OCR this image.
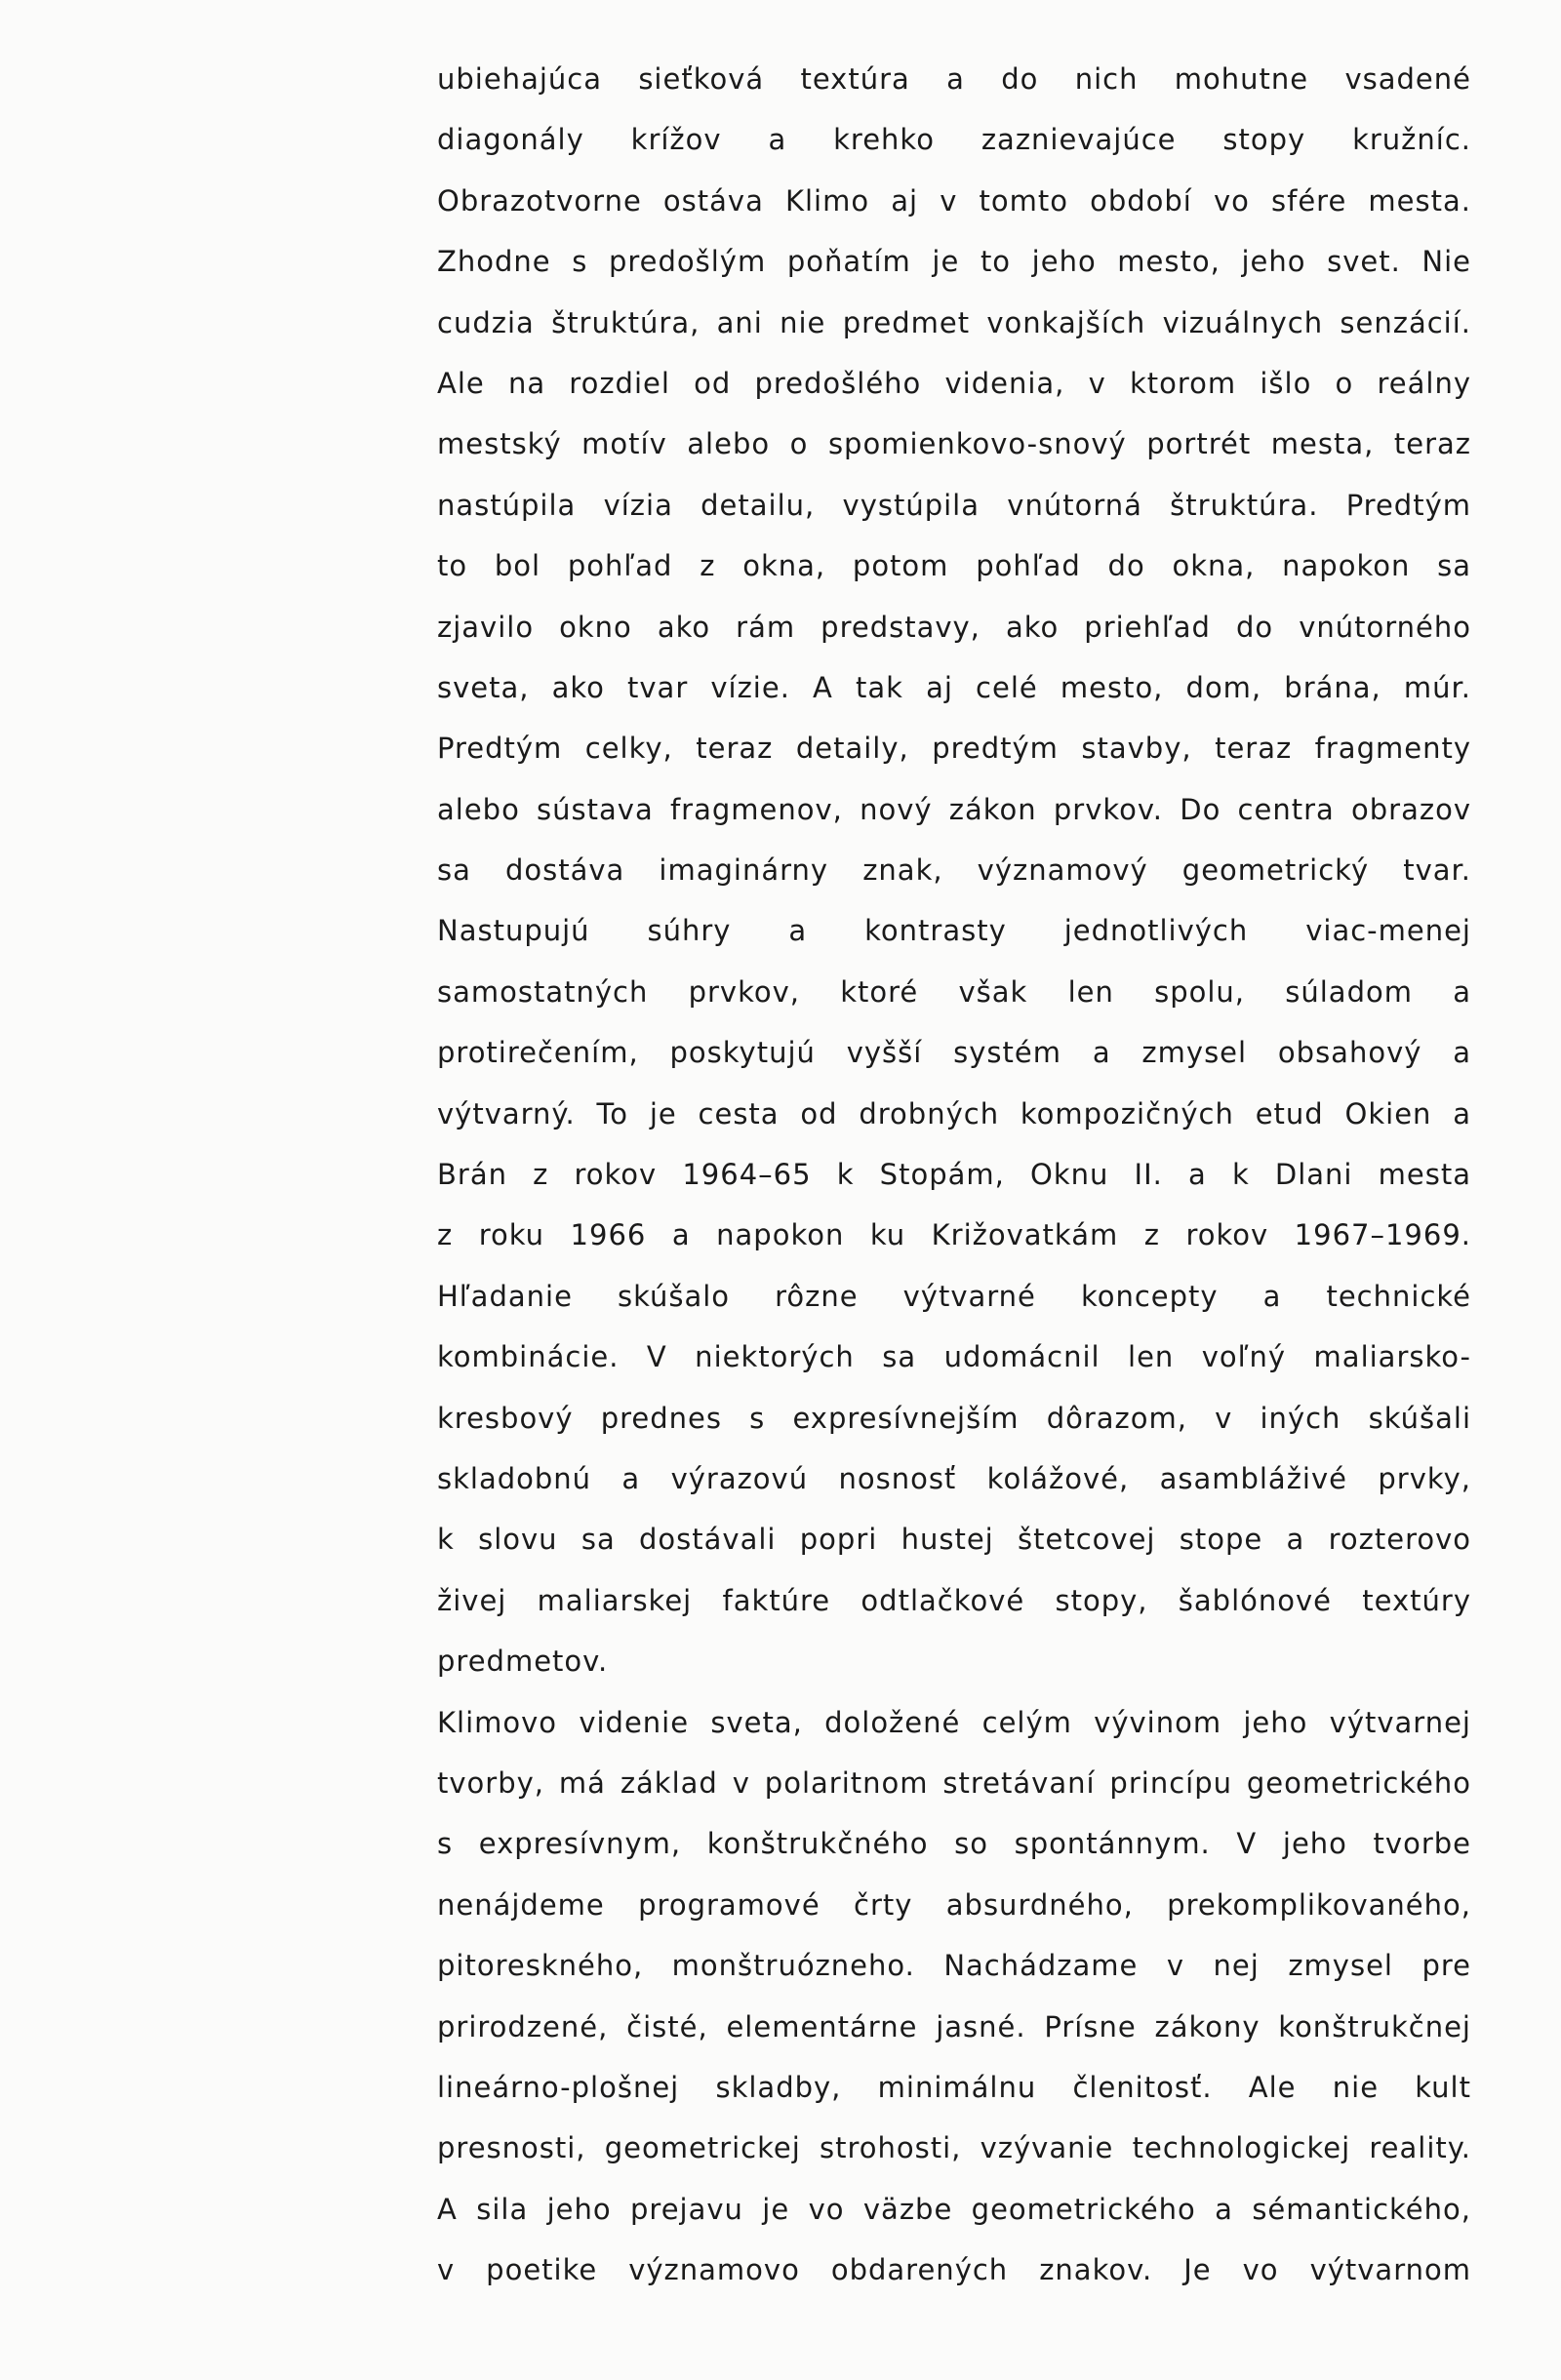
ubiehajúca sieťková textúra a do nich mohutne vsadené
diagonály krížov a krehko zaznievajúce stopy kružníc.
Obrazotvorne ostáva Klimo aj v tomto období vo sfére mesta.
Zhodne s predošlým poňatím je to jeho mesto, jeho svet. Nie
cudzia štruktúra, ani nie predmet vonkajších vizuálnych senzácií.
Ale na rozdiel od predošlého videnia, v ktorom išlo o reálny
mestský motív alebo o spomienkovo-snový portrét mesta, teraz
nastúpila vízia detailu, vystúpila vnútorná štruktúra. Predtým
to bol pohľad z okna, potom pohľad do okna, napokon sa
zjavilo okno ako rám predstavy, ako priehľad do vnútorného
sveta, ako tvar vízie. A tak aj celé mesto, dom, brána, múr.
Predtým celky, teraz detaily, predtým stavby, teraz fragmenty
alebo sústava fragmenov, nový zákon prvkov. Do centra obrazov
sa dostáva imaginárny znak, významový geometrický tvar.
Nastupujú súhry a kontrasty jednotlivých viac-menej
samostatných prvkov, ktoré však len spolu, súladom a
protirečením, poskytujú vyšší systém a zmysel obsahový a
výtvarný. To je cesta od drobných kompozičných etud Okien a
Brán z rokov 1964–65 k Stopám, Oknu II. a k Dlani mesta
z roku 1966 a napokon ku Križovatkám z rokov 1967–1969.
Hľadanie skúšalo rôzne výtvarné koncepty a technické
kombinácie. V niektorých sa udomácnil len voľný maliarsko-
kresbový prednes s expresívnejším dôrazom, v iných skúšali
skladobnú a výrazovú nosnosť kolážové, asambláživé prvky,
k slovu sa dostávali popri hustej štetcovej stope a rozterovo
živej maliarskej faktúre odtlačkové stopy, šablónové textúry
predmetov.
Klimovo videnie sveta, doložené celým vývinom jeho výtvarnej
tvorby, má základ v polaritnom stretávaní princípu geometrického
s expresívnym, konštrukčného so spontánnym. V jeho tvorbe
nenájdeme programové črty absurdného, prekomplikovaného,
pitoreskného, monštruózneho. Nachádzame v nej zmysel pre
prirodzené, čisté, elementárne jasné. Prísne zákony konštrukčnej
lineárno-plošnej skladby, minimálnu členitosť. Ale nie kult
presnosti, geometrickej strohosti, vzývanie technologickej reality.
A sila jeho prejavu je vo väzbe geometrického a sémantického,
v poetike významovo obdarených znakov. Je vo výtvarnom
